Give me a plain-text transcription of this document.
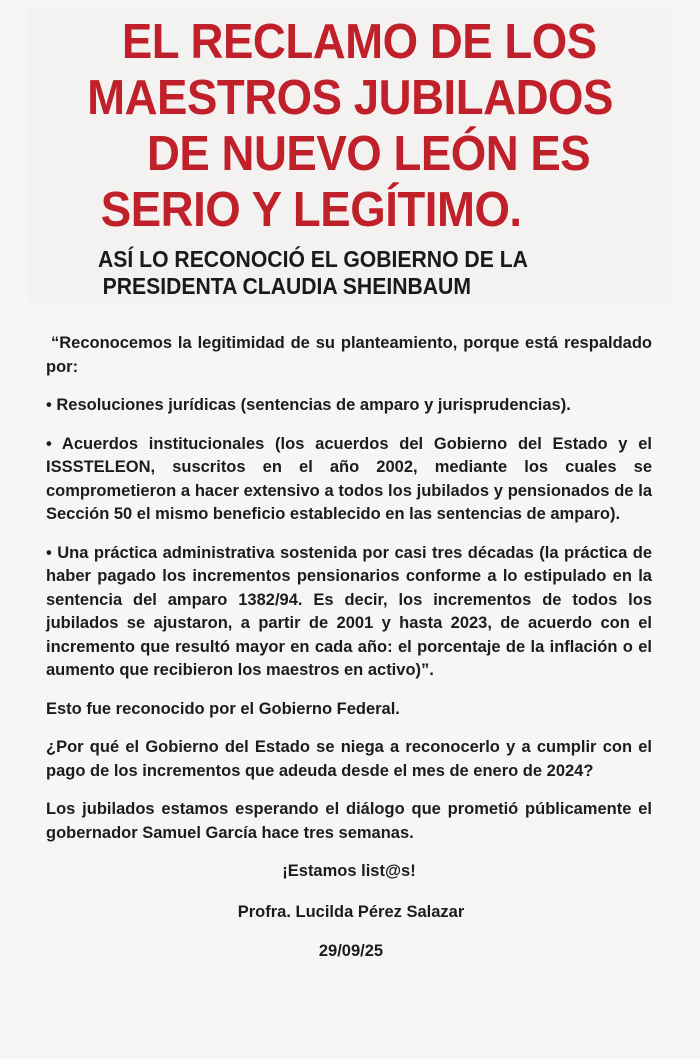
EL RECLAMO DE LOS
MAESTROS JUBILADOS
DE NUEVO LEÓN ES
SERIO Y LEGÍTIMO.
ASÍ LO RECONOCIÓ EL GOBIERNO DE LA
PRESIDENTA CLAUDIA SHEINBAUM

“Reconocemos la legitimidad de su planteamiento, porque está respaldado por:

• Resoluciones jurídicas (sentencias de amparo y jurisprudencias).

• Acuerdos institucionales (los acuerdos del Gobierno del Estado y el ISSSTELEON, suscritos en el año 2002, mediante los cuales se comprometieron a hacer extensivo a todos los jubilados y pensionados de la Sección 50 el mismo beneficio establecido en las sentencias de amparo).

• Una práctica administrativa sostenida por casi tres décadas (la práctica de haber pagado los incrementos pensionarios conforme a lo estipulado en la sentencia del amparo 1382/94. Es decir, los incrementos de todos los jubilados se ajustaron, a partir de 2001 y hasta 2023, de acuerdo con el incremento que resultó mayor en cada año: el porcentaje de la inflación o el aumento que recibieron los maestros en activo)”.

Esto fue reconocido por el Gobierno Federal.

¿Por qué el Gobierno del Estado se niega a reconocerlo y a cumplir con el pago de los incrementos que adeuda desde el mes de enero de 2024?

Los jubilados estamos esperando el diálogo que prometió públicamente el gobernador Samuel García hace tres semanas.

¡Estamos list@s!

Profra. Lucilda Pérez Salazar

29/09/25
